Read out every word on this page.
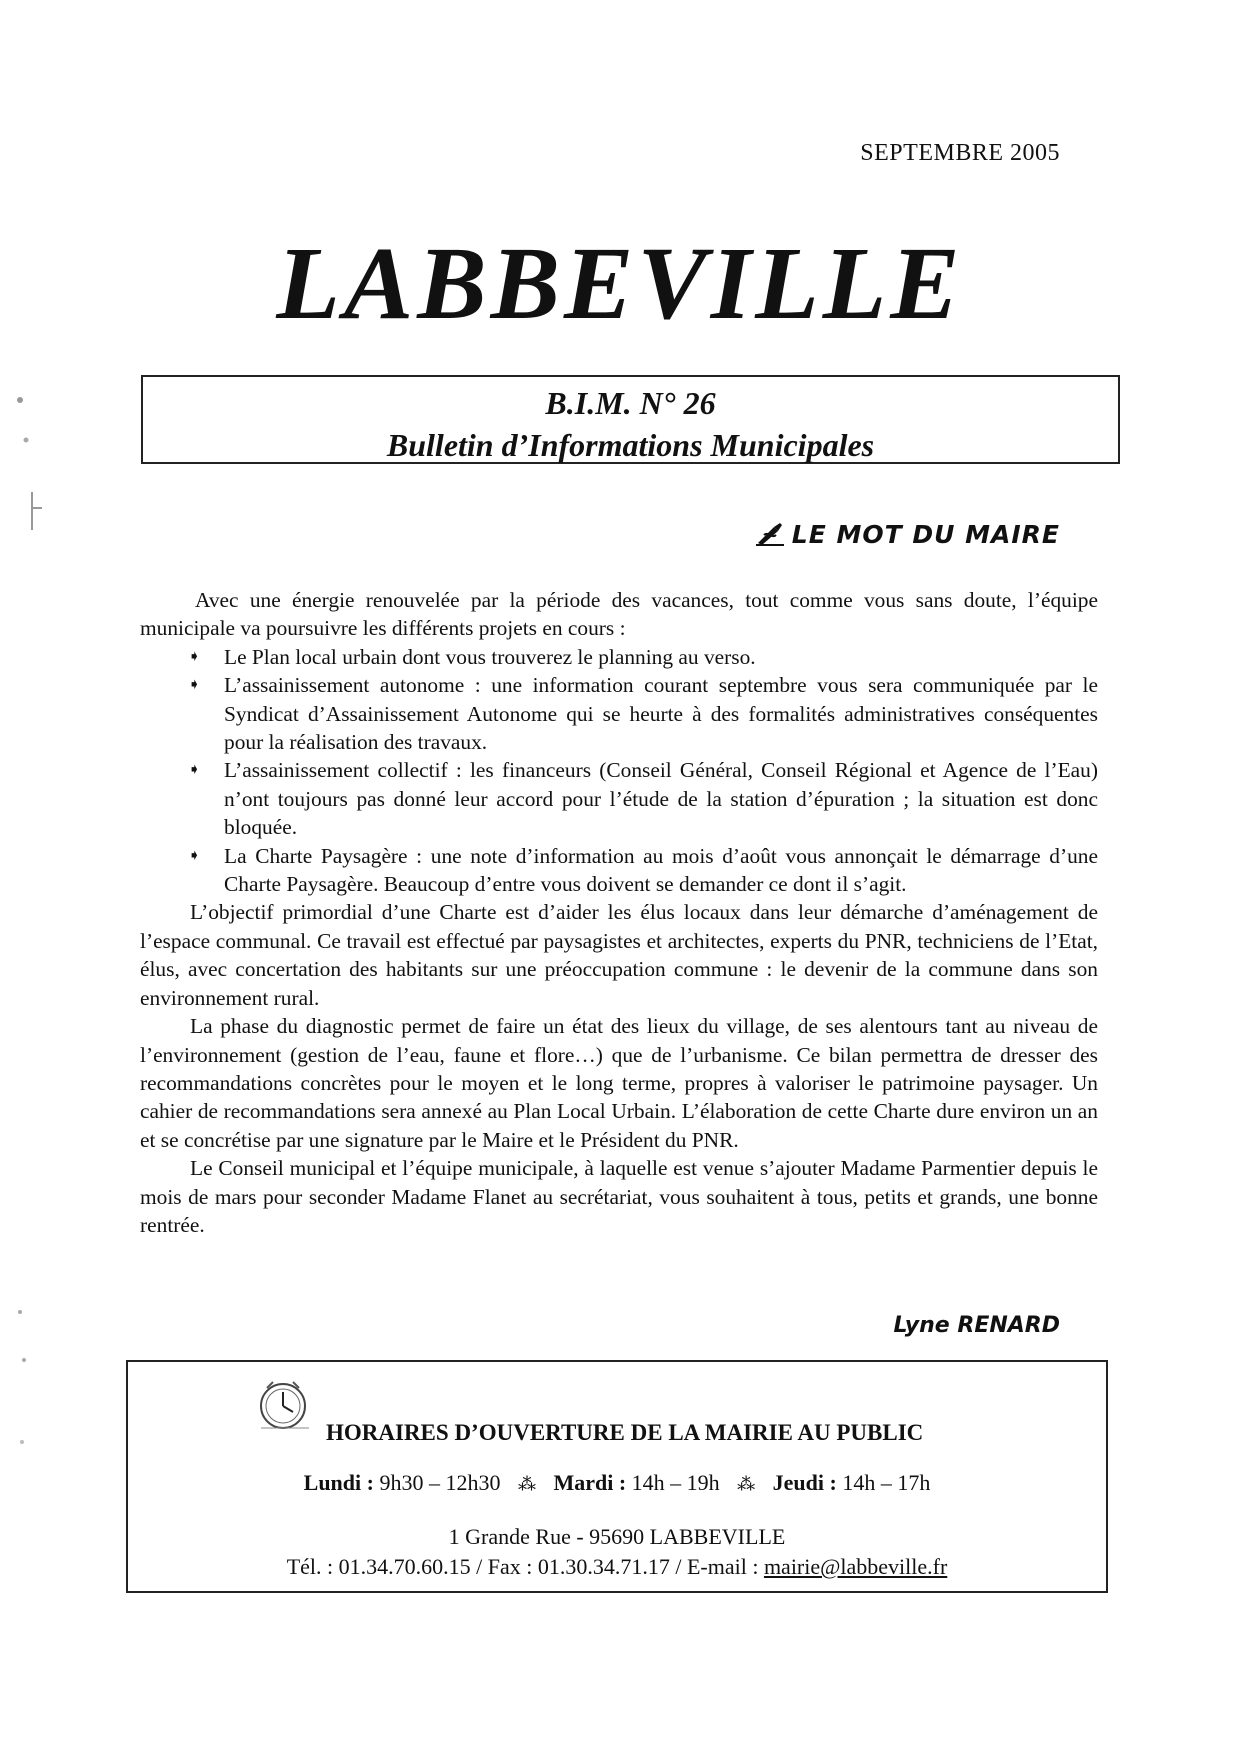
SEPTEMBRE 2005
LABBEVILLE
B.I.M. N° 26
Bulletin d’Informations Municipales
LE MOT DU MAIRE

Avec une énergie renouvelée par la période des vacances, tout comme vous sans doute, l’équipe municipale va poursuivre les différents projets en cours :

➧ Le Plan local urbain dont vous trouverez le planning au verso.
➧ L’assainissement autonome : une information courant septembre vous sera communiquée par le Syndicat d’Assainissement Autonome qui se heurte à des formalités administratives conséquentes pour la réalisation des travaux.
➧ L’assainissement collectif : les financeurs (Conseil Général, Conseil Régional et Agence de l’Eau) n’ont toujours pas donné leur accord pour l’étude de la station d’épuration ; la situation est donc bloquée.
➧ La Charte Paysagère : une note d’information au mois d’août vous annonçait le démarrage d’une Charte Paysagère. Beaucoup d’entre vous doivent se demander ce dont il s’agit.

L’objectif primordial d’une Charte est d’aider les élus locaux dans leur démarche d’aménagement de l’espace communal. Ce travail est effectué par paysagistes et architectes, experts du PNR, techniciens de l’Etat, élus, avec concertation des habitants sur une préoccupation commune : le devenir de la commune dans son environnement rural.

La phase du diagnostic permet de faire un état des lieux du village, de ses alentours tant au niveau de l’environnement (gestion de l’eau, faune et flore…) que de l’urbanisme. Ce bilan permettra de dresser des recommandations concrètes pour le moyen et le long terme, propres à valoriser le patrimoine paysager. Un cahier de recommandations sera annexé au Plan Local Urbain. L’élaboration de cette Charte dure environ un an et se concrétise par une signature par le Maire et le Président du PNR.

Le Conseil municipal et l’équipe municipale, à laquelle est venue s’ajouter Madame Parmentier depuis le mois de mars pour seconder Madame Flanet au secrétariat, vous souhaitent à tous, petits et grands, une bonne rentrée.

Lyne RENARD
HORAIRES D’OUVERTURE DE LA MAIRIE AU PUBLIC
Lundi : 9h30 – 12h30 ⁂ Mardi : 14h – 19h ⁂ Jeudi : 14h – 17h
1 Grande Rue - 95690 LABBEVILLE
Tél. : 01.34.70.60.15 / Fax : 01.30.34.71.17 / E-mail : mairie@labbeville.fr
